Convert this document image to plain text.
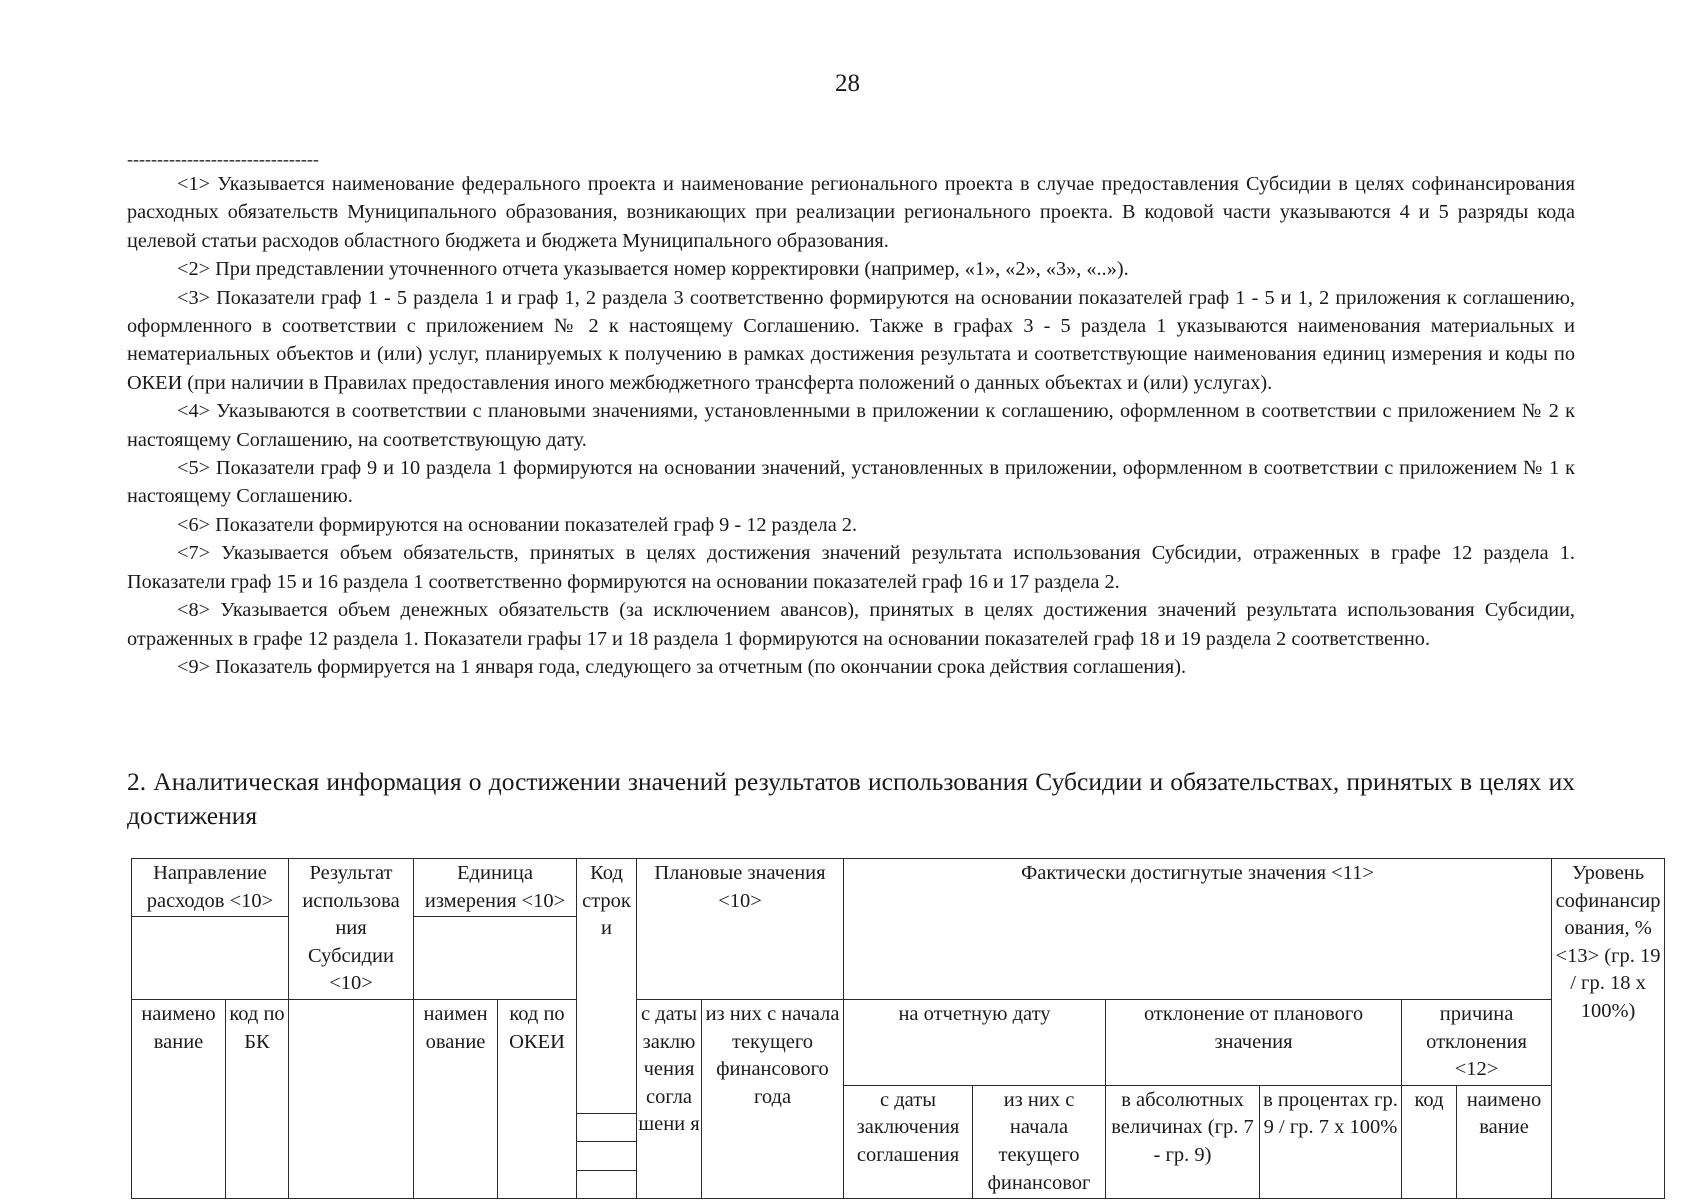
28
--------------------------------

<1> Указывается наименование федерального проекта и наименование регионального проекта в случае предоставления Субсидии в целях софинансирования расходных обязательств Муниципального образования, возникающих при реализации регионального проекта. В кодовой части указываются 4 и 5 разряды кода целевой статьи расходов областного бюджета и бюджета Муниципального образования.

<2> При представлении уточненного отчета указывается номер корректировки (например, «1», «2», «3», «..»).

<3> Показатели граф 1 - 5 раздела 1 и граф 1, 2 раздела 3 соответственно формируются на основании показателей граф 1 - 5 и 1, 2 приложения к соглашению, оформленного в соответствии с приложением № 2 к настоящему Соглашению. Также в графах 3 - 5 раздела 1 указываются наименования материальных и нематериальных объектов и (или) услуг, планируемых к получению в рамках достижения результата и соответствующие наименования единиц измерения и коды по ОКЕИ (при наличии в Правилах предоставления иного межбюджетного трансферта положений о данных объектах и (или) услугах).

<4> Указываются в соответствии с плановыми значениями, установленными в приложении к соглашению, оформленном в соответствии с приложением № 2 к настоящему Соглашению, на соответствующую дату.

<5> Показатели граф 9 и 10 раздела 1 формируются на основании значений, установленных в приложении, оформленном в соответствии с приложением № 1 к настоящему Соглашению.

<6> Показатели формируются на основании показателей граф 9 - 12 раздела 2.

<7> Указывается объем обязательств, принятых в целях достижения значений результата использования Субсидии, отраженных в графе 12 раздела 1. Показатели граф 15 и 16 раздела 1 соответственно формируются на основании показателей граф 16 и 17 раздела 2.

<8> Указывается объем денежных обязательств (за исключением авансов), принятых в целях достижения значений результата использования Субсидии, отраженных в графе 12 раздела 1. Показатели графы 17 и 18 раздела 1 формируются на основании показателей граф 18 и 19 раздела 2 соответственно.

<9> Показатель формируется на 1 января года, следующего за отчетным (по окончании срока действия соглашения).

2. Аналитическая информация о достижении значений результатов использования Субсидии и обязательствах, принятых в целях их достижения

Направление расходов <10>		Результат использова ния Субсидии <10>	Единица измерения <10>		Код строк и	Плановые значения <10>		Фактически достигнутые значения <11>						Уровень софинансир ования, % <13> (гр. 19 / гр. 18 х 100%)

наимено вание	код по БК		наимен ование	код по ОКЕИ		с даты заклю чения согла шени я	из них с начала текущего финансового года	на отчетную дату		отклонение от планового значения		причина отклонения <12>		

								с даты заключения соглашения	из них с начала текущего финансовог	в абсолютных величинах (гр. 7 - гр. 9)	в процентах гр. 9 / гр. 7 х 100%	код	наимено вание	
